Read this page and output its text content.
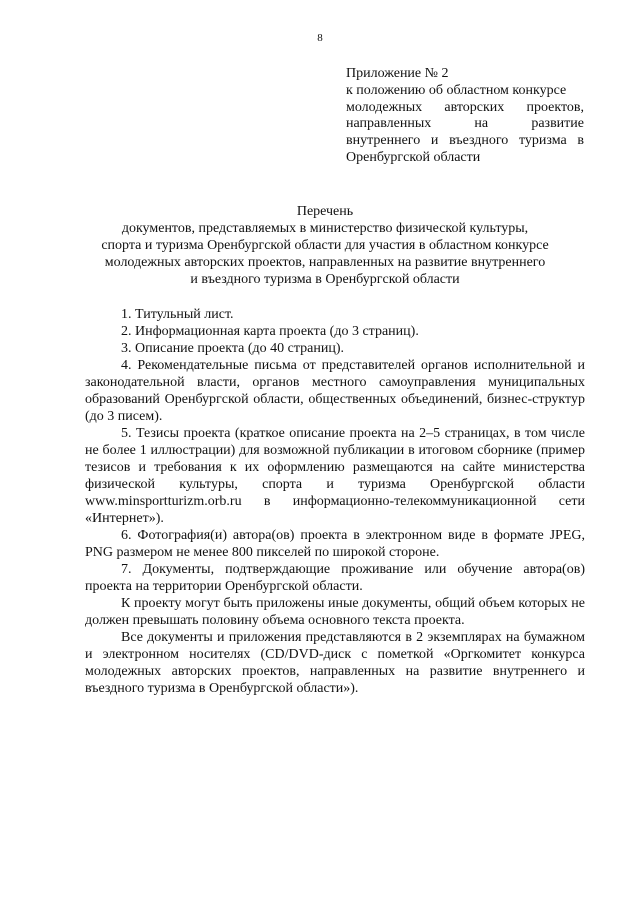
8
Приложение № 2
к положению об областном конкурсе
молодежных авторских проектов,
направленных на развитие
внутреннего и въездного туризма в
Оренбургской области
Перечень
документов, представляемых в министерство физической культуры,
спорта и туризма Оренбургской области для участия в областном конкурсе
молодежных авторских проектов, направленных на развитие внутреннего
и въездного туризма в Оренбургской области

1. Титульный лист.

2. Информационная карта проекта (до 3 страниц).

3. Описание проекта (до 40 страниц).

4. Рекомендательные письма от представителей органов исполнительной и законодательной власти, органов местного самоуправления муниципальных образований Оренбургской области, общественных объединений, бизнес-структур (до 3 писем).

5. Тезисы проекта (краткое описание проекта на 2–5 страницах, в том числе не более 1 иллюстрации) для возможной публикации в итоговом сборнике (пример тезисов и требования к их оформлению размещаются на сайте министерства физической культуры, спорта и туризма Оренбургской области www.minsportturizm.orb.ru в информационно-телекоммуникационной сети «Интернет»).

6. Фотография(и) автора(ов) проекта в электронном виде в формате JPEG, PNG размером не менее 800 пикселей по широкой стороне.

7. Документы, подтверждающие проживание или обучение автора(ов) проекта на территории Оренбургской области.

К проекту могут быть приложены иные документы, общий объем которых не должен превышать половину объема основного текста проекта.

Все документы и приложения представляются в 2 экземплярах на бумажном и электронном носителях (CD/DVD-диск с пометкой «Оргкомитет конкурса молодежных авторских проектов, направленных на развитие внутреннего и въездного туризма в Оренбургской области»).
